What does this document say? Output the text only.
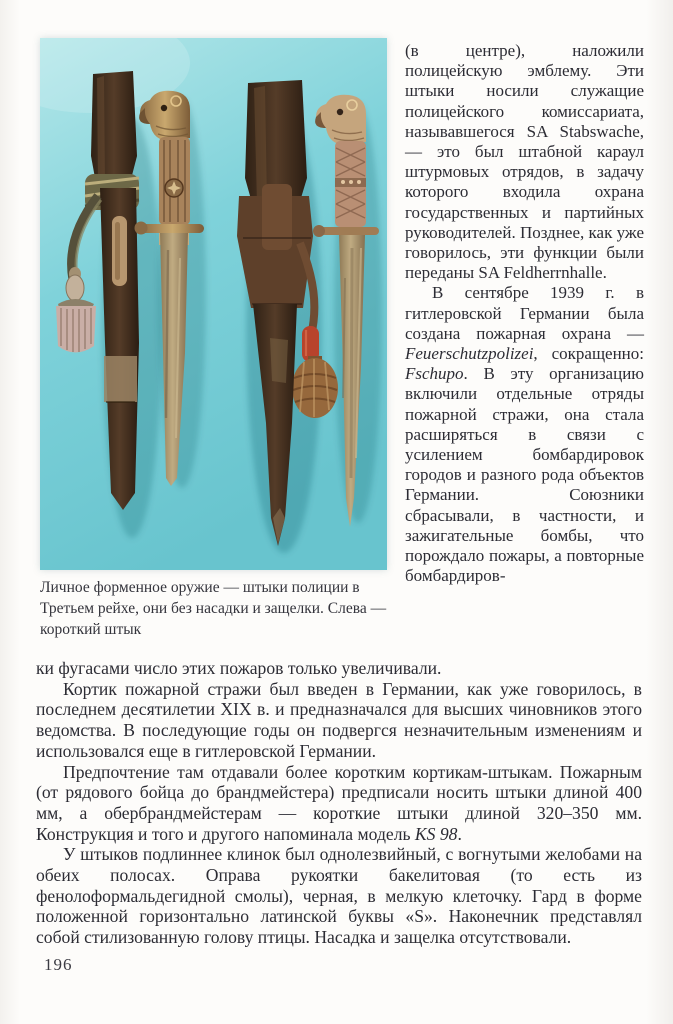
Личное форменное оружие — штыки полиции в Третьем рейхе, они без насадки и защелки. Слева — короткий штык

(в центре), наложили полицейскую эмблему. Эти штыки носили служащие полицейского комиссариата, называвшегося SA Stabswache, — это был штабной караул штурмовых отрядов, в задачу которого входила охрана государственных и партийных руководителей. Позднее, как уже говорилось, эти функции были переданы SA Feldherrnhalle.

В сентябре 1939 г. в гитлеровской Германии была создана пожарная охрана — Feuerschutzpolizei, сокращенно: Fschupo. В эту организацию включили отдельные отряды пожарной стражи, она стала расширяться в связи с усилением бомбардировок городов и разного рода объектов Германии. Союзники сбрасывали, в частности, и зажигательные бомбы, что порождало пожары, а повторные бомбардиров-

ки фугасами число этих пожаров только увеличивали.

Кортик пожарной стражи был введен в Германии, как уже говорилось, в последнем десятилетии XIX в. и предназначался для высших чиновников этого ведомства. В последующие годы он подвергся незначительным изменениям и использовался еще в гитлеровской Германии.

Предпочтение там отдавали более коротким кортикам-штыкам. Пожарным (от рядового бойца до брандмейстера) предписали носить штыки длиной 400 мм, а обербрандмейстерам — короткие штыки длиной 320–350 мм. Конструкция и того и другого напоминала модель KS 98.

У штыков подлиннее клинок был однолезвийный, с вогнутыми желобами на обеих полосах. Оправа рукоятки бакелитовая (то есть из фенолоформальдегидной смолы), черная, в мелкую клеточку. Гард в форме положенной горизонтально латинской буквы «S». Наконечник представлял собой стилизованную голову птицы. Насадка и защелка отсутствовали.

196
